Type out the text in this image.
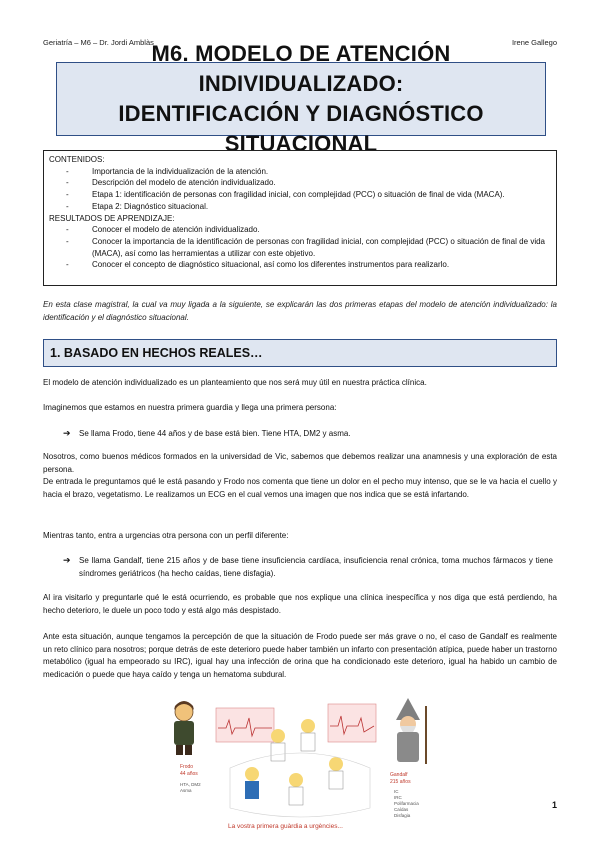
Geriatría – M6 – Dr. Jordi Amblàs	Irene Gallego
M6. MODELO DE ATENCIÓN INDIVIDUALIZADO:
IDENTIFICACIÓN Y DIAGNÓSTICO SITUACIONAL
CONTENIDOS:
-	Importancia de la individualización de la atención.
-	Descripción del modelo de atención individualizado.
-	Etapa 1: identificación de personas con fragilidad inicial, con complejidad (PCC) o situación de final de vida (MACA).
-	Etapa 2: Diagnóstico situacional.
RESULTADOS DE APRENDIZAJE:
-	Conocer el modelo de atención individualizado.
-	Conocer la importancia de la identificación de personas con fragilidad inicial, con complejidad (PCC) o situación de final de vida (MACA), así como las herramientas a utilizar con este objetivo.
-	Conocer el concepto de diagnóstico situacional, así como los diferentes instrumentos para realizarlo.
En esta clase magistral, la cual va muy ligada a la siguiente, se explicarán las dos primeras etapas del modelo de atención individualizado: la identificación y el diagnóstico situacional.
1. BASADO EN HECHOS REALES…
El modelo de atención individualizado es un planteamiento que nos será muy útil en nuestra práctica clínica.
Imaginemos que estamos en nuestra primera guardia y llega una primera persona:
➔ Se llama Frodo, tiene 44 años y de base está bien. Tiene HTA, DM2 y asma.
Nosotros, como buenos médicos formados en la universidad de Vic, sabemos que debemos realizar una anamnesis y una exploración de esta persona.
De entrada le preguntamos qué le está pasando y Frodo nos comenta que tiene un dolor en el pecho muy intenso, que se le va hacia el cuello y hacia el brazo, vegetatismo. Le realizamos un ECG en el cual vemos una imagen que nos indica que se está infartando.
Mientras tanto, entra a urgencias otra persona con un perfil diferente:
➔ Se llama Gandalf, tiene 215 años y de base tiene insuficiencia cardíaca, insuficiencia renal crónica, toma muchos fármacos y tiene síndromes geriátricos (ha hecho caídas, tiene disfagia).
Al ira visitarlo y preguntarle qué le está ocurriendo, es probable que nos explique una clínica inespecífica y nos diga que está perdiendo, ha hecho deterioro, le duele un poco todo y está algo más despistado.
Ante esta situación, aunque tengamos la percepción de que la situación de Frodo puede ser más grave o no, el caso de Gandalf es realmente un reto clínico para nosotros; porque detrás de este deterioro puede haber también un infarto con presentación atípica, puede haber un trastorno metabólico (igual ha empeorado su IRC), igual hay una infección de orina que ha condicionado este deterioro, igual ha habido un cambio de medicación o puede que haya caído y tenga un hematoma subdural.
Frodo
44 años
HTA, DM2
Asma
Gandalf
215 años
IC
IRC
Polifarmacia
Caídas
Disfagia
La vostra primera guàrdia a urgències...
1
